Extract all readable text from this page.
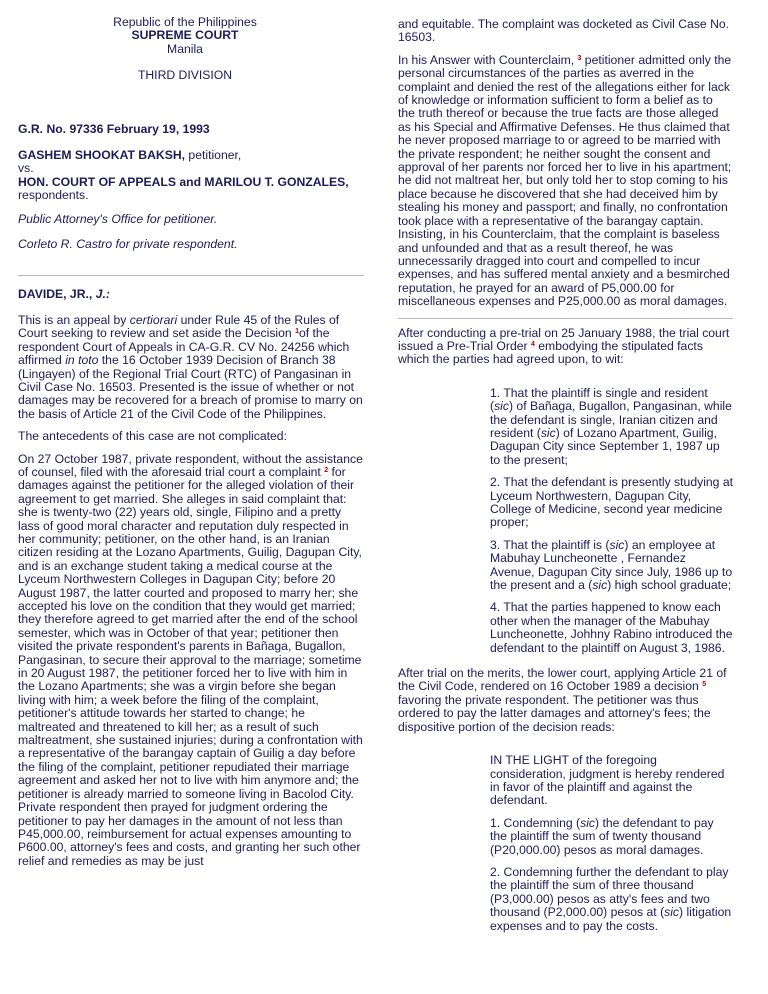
Republic of the Philippines

SUPREME COURT

Manila

THIRD DIVISION

G.R. No. 97336 February 19, 1993

GASHEM SHOOKAT BAKSH, petitioner,

vs.

HON. COURT OF APPEALS and MARILOU T. GONZALES, respondents.

Public Attorney's Office for petitioner.

Corleto R. Castro for private respondent.

DAVIDE, JR., J.:

This is an appeal by certiorari under Rule 45 of the Rules of Court seeking to review and set aside the Decision $^1$of the respondent Court of Appeals in CA-G.R. CV No. 24256 which affirmed in toto the 16 October 1939 Decision of Branch 38 (Lingayen) of the Regional Trial Court (RTC) of Pangasinan in Civil Case No. 16503. Presented is the issue of whether or not damages may be recovered for a breach of promise to marry on the basis of Article 21 of the Civil Code of the Philippines.

The antecedents of this case are not complicated:

On 27 October 1987, private respondent, without the assistance of counsel, filed with the aforesaid trial court a complaint $^2$ for damages against the petitioner for the alleged violation of their agreement to get married. She alleges in said complaint that: she is twenty-two (22) years old, single, Filipino and a pretty lass of good moral character and reputation duly respected in her community; petitioner, on the other hand, is an Iranian citizen residing at the Lozano Apartments, Guilig, Dagupan City, and is an exchange student taking a medical course at the Lyceum Northwestern Colleges in Dagupan City; before 20 August 1987, the latter courted and proposed to marry her; she accepted his love on the condition that they would get married; they therefore agreed to get married after the end of the school semester, which was in October of that year; petitioner then visited the private respondent's parents in Bañaga, Bugallon, Pangasinan, to secure their approval to the marriage; sometime in 20 August 1987, the petitioner forced her to live with him in the Lozano Apartments; she was a virgin before she began living with him; a week before the filing of the complaint, petitioner's attitude towards her started to change; he maltreated and threatened to kill her; as a result of such maltreatment, she sustained injuries; during a confrontation with a representative of the barangay captain of Guilig a day before the filing of the complaint, petitioner repudiated their marriage agreement and asked her not to live with him anymore and; the petitioner is already married to someone living in Bacolod City. Private respondent then prayed for judgment ordering the petitioner to pay her damages in the amount of not less than P45,000.00, reimbursement for actual expenses amounting to P600.00, attorney's fees and costs, and granting her such other relief and remedies as may be just

and equitable. The complaint was docketed as Civil Case No. 16503.

In his Answer with Counterclaim, $^3$ petitioner admitted only the personal circumstances of the parties as averred in the complaint and denied the rest of the allegations either for lack of knowledge or information sufficient to form a belief as to the truth thereof or because the true facts are those alleged as his Special and Affirmative Defenses. He thus claimed that he never proposed marriage to or agreed to be married with the private respondent; he neither sought the consent and approval of her parents nor forced her to live in his apartment; he did not maltreat her, but only told her to stop coming to his place because he discovered that she had deceived him by stealing his money and passport; and finally, no confrontation took place with a representative of the barangay captain. Insisting, in his Counterclaim, that the complaint is baseless and unfounded and that as a result thereof, he was unnecessarily dragged into court and compelled to incur expenses, and has suffered mental anxiety and a besmirched reputation, he prayed for an award of P5,000.00 for miscellaneous expenses and P25,000.00 as moral damages.

After conducting a pre-trial on 25 January 1988, the trial court issued a Pre-Trial Order $^4$ embodying the stipulated facts which the parties had agreed upon, to wit:

1. That the plaintiff is single and resident (sic) of Bañaga, Bugallon, Pangasinan, while the defendant is single, Iranian citizen and resident (sic) of Lozano Apartment, Guilig, Dagupan City since September 1, 1987 up to the present;

2. That the defendant is presently studying at Lyceum Northwestern, Dagupan City, College of Medicine, second year medicine proper;

3. That the plaintiff is (sic) an employee at Mabuhay Luncheonette , Fernandez Avenue, Dagupan City since July, 1986 up to the present and a (sic) high school graduate;

4. That the parties happened to know each other when the manager of the Mabuhay Luncheonette, Johhny Rabino introduced the defendant to the plaintiff on August 3, 1986.

After trial on the merits, the lower court, applying Article 21 of the Civil Code, rendered on 16 October 1989 a decision $^5$ favoring the private respondent. The petitioner was thus ordered to pay the latter damages and attorney's fees; the dispositive portion of the decision reads:

IN THE LIGHT of the foregoing consideration, judgment is hereby rendered in favor of the plaintiff and against the defendant.

1. Condemning (sic) the defendant to pay the plaintiff the sum of twenty thousand (P20,000.00) pesos as moral damages.

2. Condemning further the defendant to play the plaintiff the sum of three thousand (P3,000.00) pesos as atty's fees and two thousand (P2,000.00) pesos at (sic) litigation expenses and to pay the costs.
